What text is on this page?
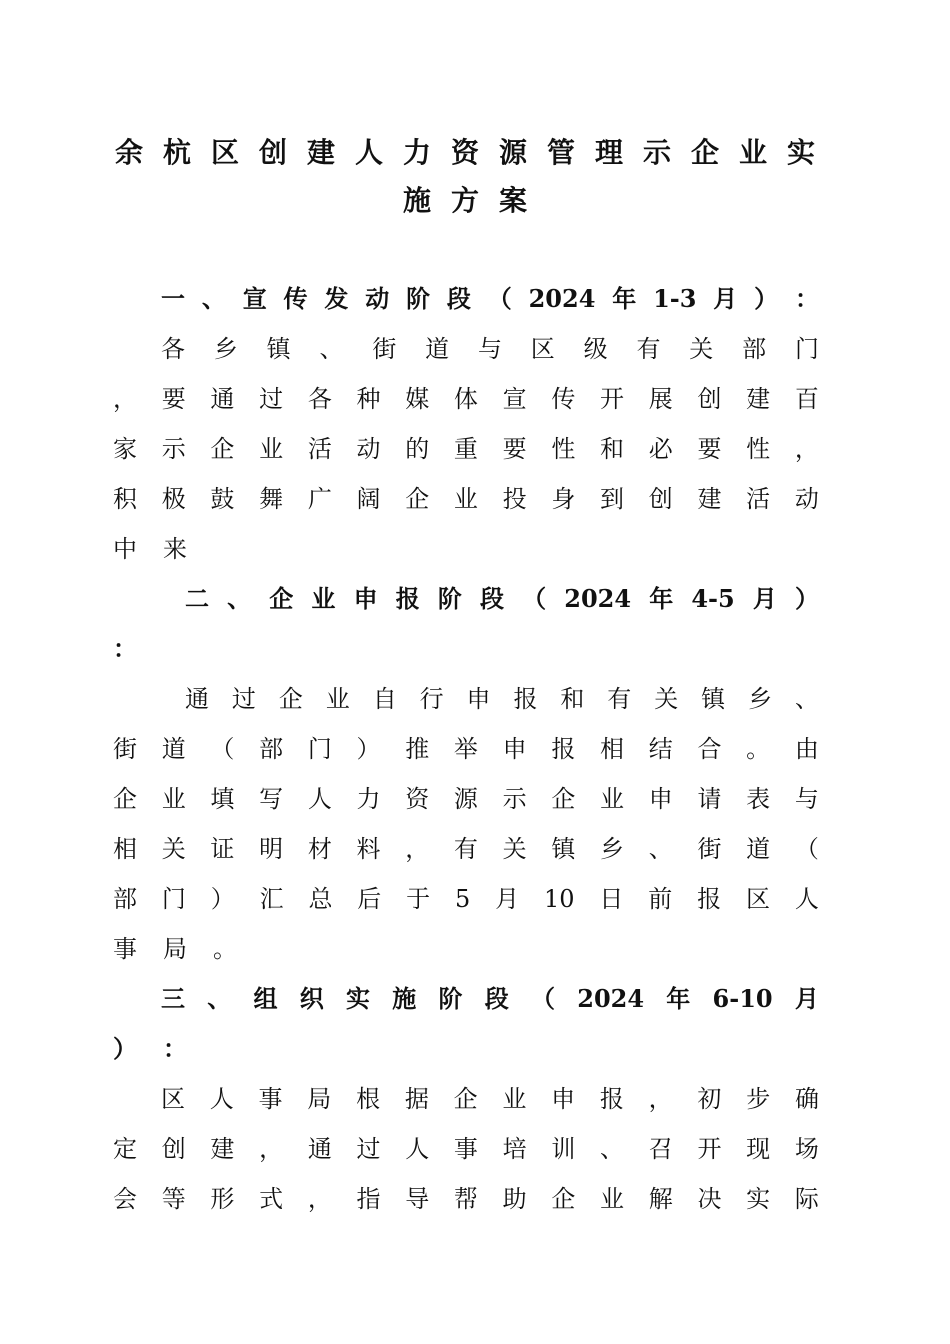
余杭区创建人力资源管理示企业实
施方案
一 、 宣 传 发 动 阶 段 （ 2024 年 1-3 月 ） ：
各 乡 镇 、 街 道 与 区 级 有 关 部 门
， 要 通 过 各 种 媒 体 宣 传 开 展 创 建 百
家 示 企 业 活 动 的 重 要 性 和 必 要 性 ，
积 极 鼓 舞 广 阔 企 业 投 身 到 创 建 活 动
中 来
二 、 企 业 申 报 阶 段 （ 2024 年 4-5 月 ）
：
通 过 企 业 自 行 申 报 和 有 关 镇 乡 、
街 道 （ 部 门 ） 推 举 申 报 相 结 合 。 由
企 业 填 写 人 力 资 源 示 企 业 申 请 表 与
相 关 证 明 材 料 ， 有 关 镇 乡 、 街 道 （
部 门 ） 汇 总 后 于 5 月 10 日 前 报 区 人
事 局 。
三 、 组 织 实 施 阶 段 （ 2024 年 6-10 月
） ：
区 人 事 局 根 据 企 业 申 报 ， 初 步 确
定 创 建 ， 通 过 人 事 培 训 、 召 开 现 场
会 等 形 式 ， 指 导 帮 助 企 业 解 决 实 际
